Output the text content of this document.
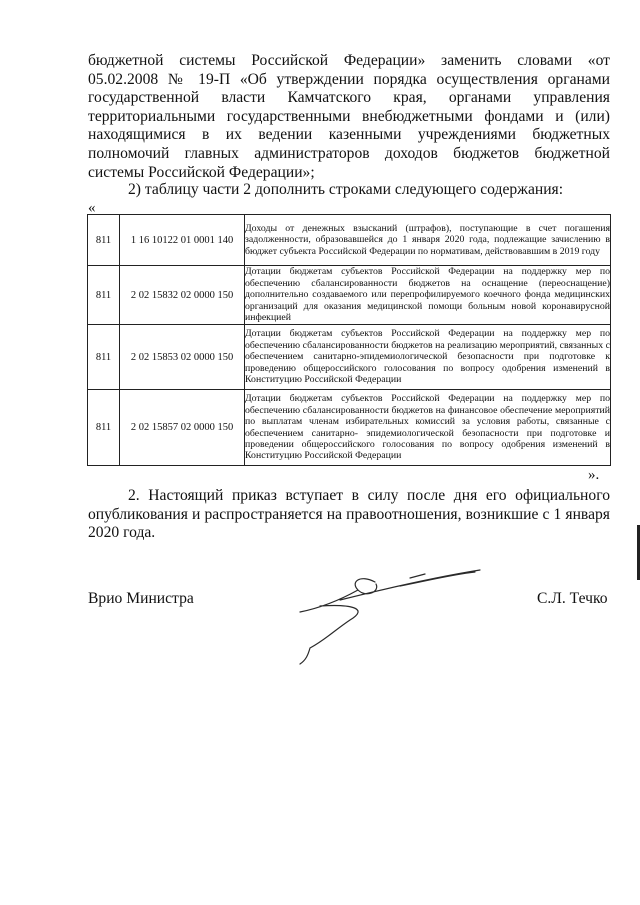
бюджетной системы Российской Федерации» заменить словами «от 05.02.2008 № 19-П «Об утверждении порядка осуществления органами государственной власти Камчатского края, органами управления территориальными государственными внебюджетными фондами и (или) находящимися в их ведении казенными учреждениями бюджетных полномочий главных администраторов доходов бюджетов бюджетной системы Российской Федерации»;

2) таблицу части 2 дополнить строками следующего содержания:

«
811	1 16 10122 01 0001 140	Доходы от денежных взысканий (штрафов), поступающие в счет погашения задолженности, образовавшейся до 1 января 2020 года, подлежащие зачислению в бюджет субъекта Российской Федерации по нормативам, действовавшим в 2019 году
811	2 02 15832 02 0000 150	Дотации бюджетам субъектов Российской Федерации на поддержку мер по обеспечению сбалансированности бюджетов на оснащение (переоснащение) дополнительно создаваемого или перепрофилируемого коечного фонда медицинских организаций для оказания медицинской помощи больным новой коронавирусной инфекцией
811	2 02 15853 02 0000 150	Дотации бюджетам субъектов Российской Федерации на поддержку мер по обеспечению сбалансированности бюджетов на реализацию мероприятий, связанных с обеспечением санитарно-эпидемиологической безопасности при подготовке к проведению общероссийского голосования по вопросу одобрения изменений в Конституцию Российской Федерации
811	2 02 15857 02 0000 150	Дотации бюджетам субъектов Российской Федерации на поддержку мер по обеспечению сбалансированности бюджетов на финансовое обеспечение мероприятий по выплатам членам избирательных комиссий за условия работы, связанные с обеспечением санитарно- эпидемиологической безопасности при подготовке и проведении общероссийского голосования по вопросу одобрения изменений в Конституцию Российской Федерации
».

2. Настоящий приказ вступает в силу после дня его официального опубликования и распространяется на правоотношения, возникшие с 1 января 2020 года.

Врио Министра	С.Л. Течко
